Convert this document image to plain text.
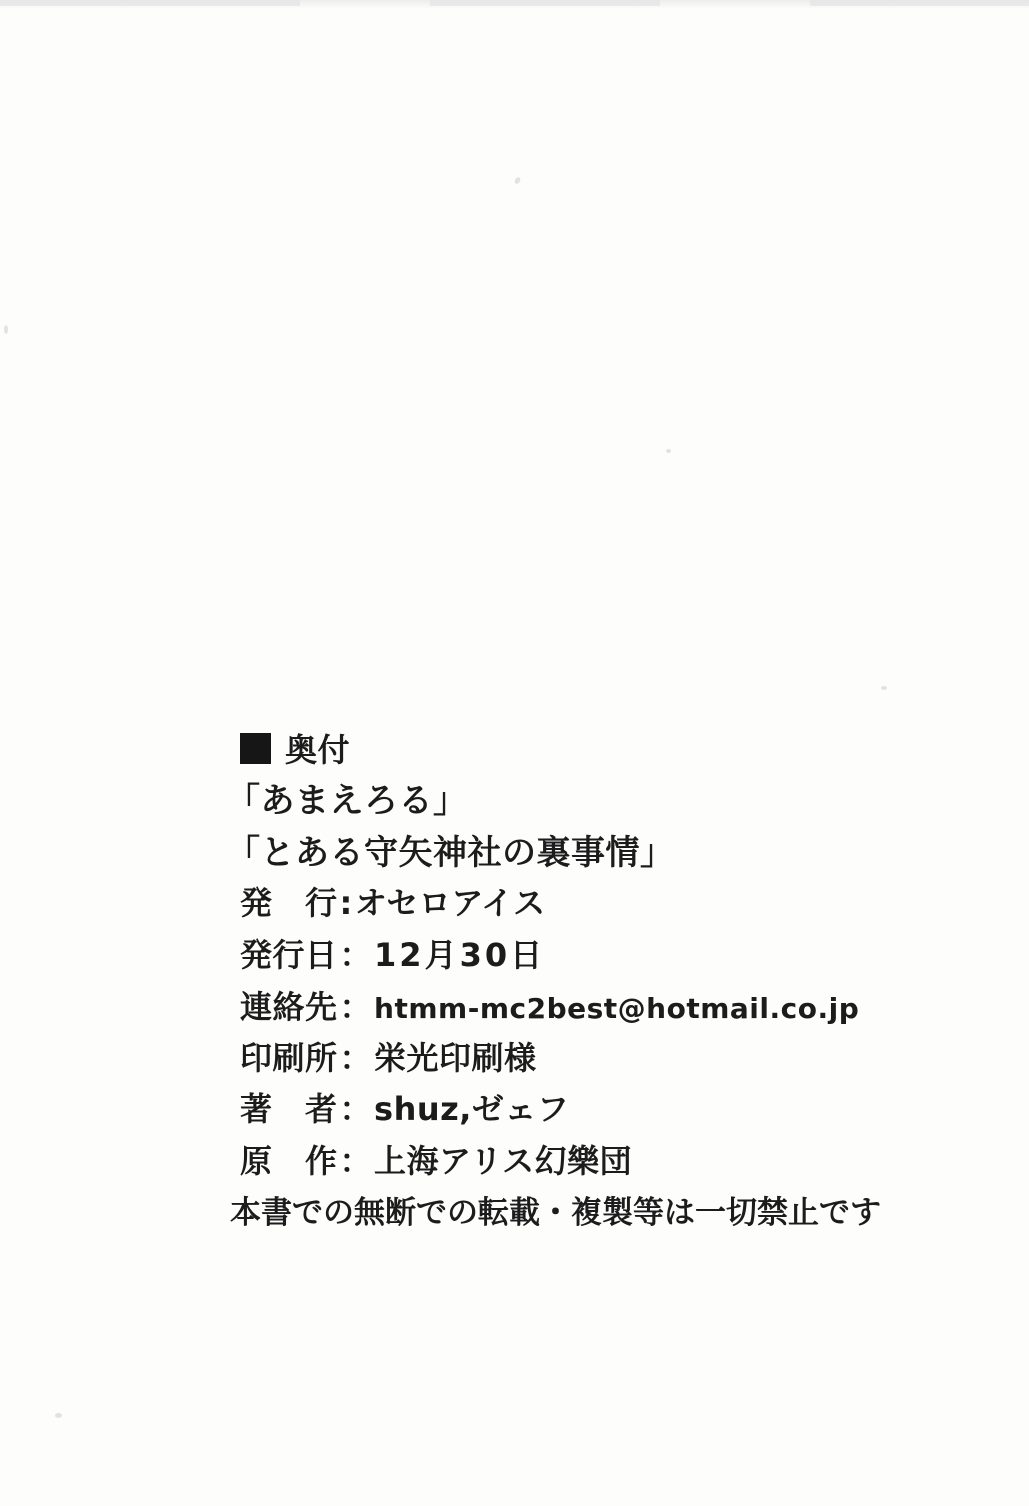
奥付
「あまえろる」
「とある守矢神社の裏事情」
発　行:オセロアイス
発行日：12月30日
連絡先：htmm-mc2best@hotmail.co.jp
印刷所：栄光印刷様
著　者：shuz,ゼェフ
原　作：上海アリス幻樂団
本書での無断での転載・複製等は一切禁止です
